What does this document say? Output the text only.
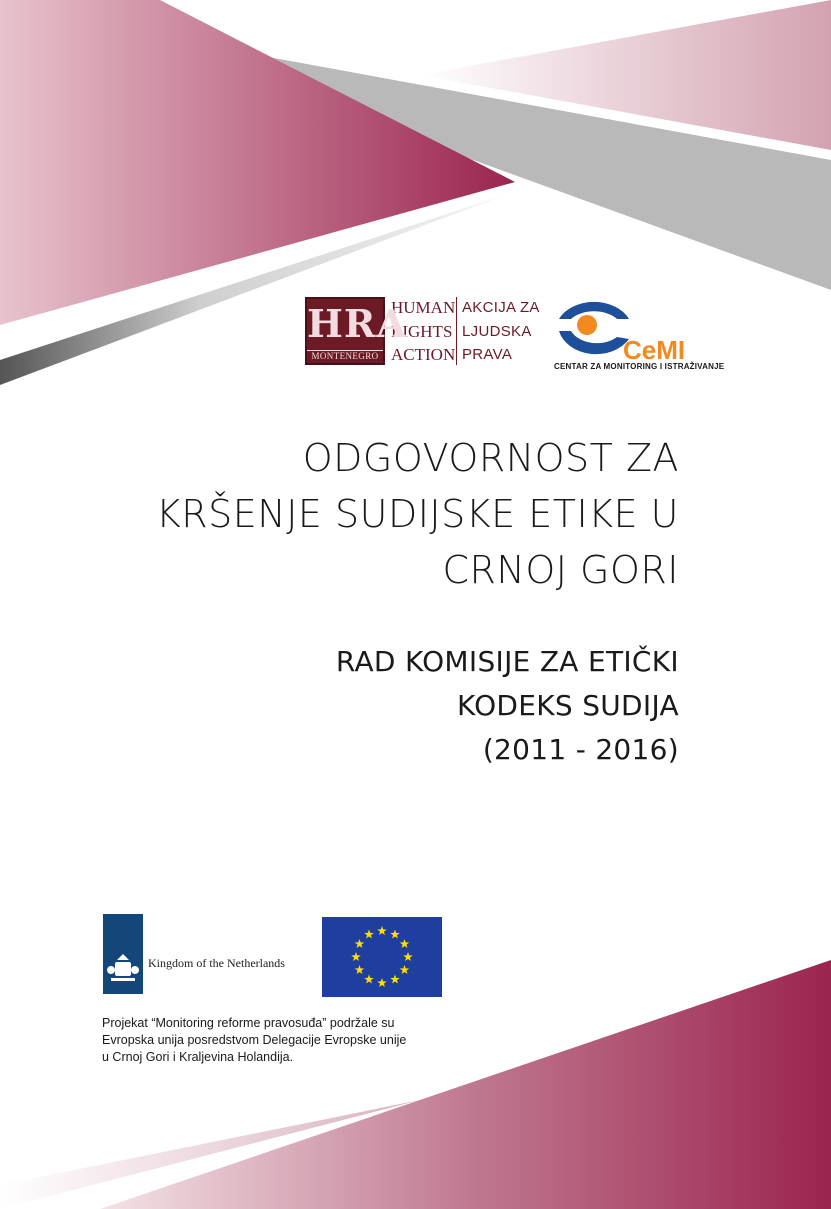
HRA
MONTENEGRO
HUMAN
RIGHTS
ACTION
AKCIJA ZA
LJUDSKA
PRAVA	CeMI
CENTAR ZA MONITORING I ISTRAŽIVANJE
ODGOVORNOST ZA
KRŠENJE SUDIJSKE ETIKE U
CRNOJ GORI
RAD KOMISIJE ZA ETIČKI
KODEKS SUDIJA
(2011 - 2016)
Kingdom of the Netherlands
Projekat “Monitoring reforme pravosuđa” podržale su
Evropska unija posredstvom Delegacije Evropske unije
u Crnoj Gori i Kraljevina Holandija.
